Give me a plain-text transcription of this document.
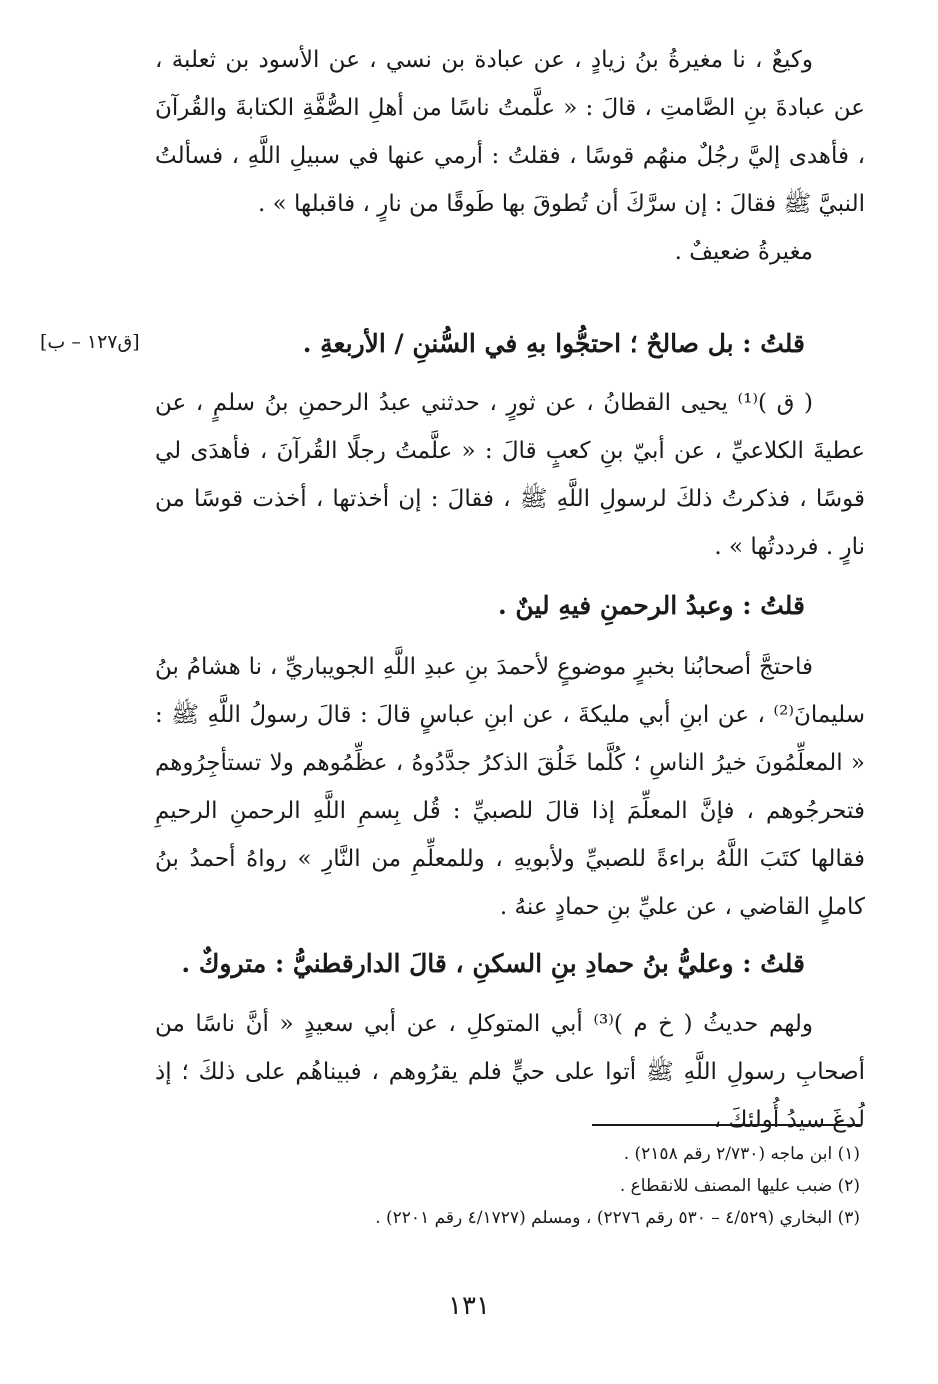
وكيعٌ ، نا مغيرةُ بنُ زيادٍ ، عن عبادة بن نسي ، عن الأسود بن ثعلبة ، عن عبادةَ بنِ الصَّامتِ ، قالَ : « علَّمتُ ناسًا من أهلِ الصُّفَّةِ الكتابةَ والقُرآنَ ، فأهدى إليَّ رجُلٌ منهُم قوسًا ، فقلتُ : أرمي عنها في سبيلِ اللَّهِ ، فسألتُ النبيَّ ﷺ فقالَ : إن سرَّكَ أن تُطوقَ بها طَوقًا من نارٍ ، فاقبلها » .

مغيرةُ ضعيفٌ .

قلتُ : بل صالحٌ ؛ احتجُّوا بهِ في السُّننِ / الأربعةِ .
[ق١٢٧ – ب]

( ق )⁽¹⁾ يحيى القطانُ ، عن ثورٍ ، حدثني عبدُ الرحمنِ بنُ سلمٍ ، عن عطيةَ الكلاعيِّ ، عن أبيّ بنِ كعبٍ قالَ : « علَّمتُ رجلًا القُرآنَ ، فأهدَى لي قوسًا ، فذكرتُ ذلكَ لرسولِ اللَّهِ ﷺ ، فقالَ : إن أخذتها ، أخذت قوسًا من نارٍ . فرددتُها » .

قلتُ : وعبدُ الرحمنِ فيهِ لينٌ .

فاحتجَّ أصحابُنا بخبرٍ موضوعٍ لأحمدَ بنِ عبدِ اللَّهِ الجويباريِّ ، نا هشامُ بنُ سليمانَ⁽²⁾ ، عن ابنِ أبي مليكةَ ، عن ابنِ عباسٍ قالَ : قالَ رسولُ اللَّهِ ﷺ : « المعلِّمُونَ خيرُ الناسِ ؛ كُلَّما خَلُقَ الذكرُ جدَّدُوهُ ، عظِّمُوهم ولا تستأجِرُوهم فتحرجُوهم ، فإنَّ المعلِّمَ إذا قالَ للصبيِّ : قُل بِسمِ اللَّهِ الرحمنِ الرحيمِ فقالها كتَبَ اللَّهُ براءةً للصبيِّ ولأبويهِ ، وللمعلِّمِ من النَّارِ » رواهُ أحمدُ بنُ كاملٍ القاضي ، عن عليِّ بنِ حمادٍ عنهُ .

قلتُ : وعليُّ بنُ حمادِ بنِ السكنِ ، قالَ الدارقطنيُّ : متروكٌ .

ولهم حديثُ ( خ م )⁽³⁾ أبي المتوكلِ ، عن أبي سعيدٍ « أنَّ ناسًا من أصحابِ رسولِ اللَّهِ ﷺ أتوا على حيٍّ فلم يقرُوهم ، فبيناهُم على ذلكَ ؛ إذ لُدغَ سيدُ أُولئكَ ،

(١) ابن ماجه (٢/٧٣٠ رقم ٢١٥٨) .

(٢) ضبب عليها المصنف للانقطاع .

(٣) البخاري (٤/٥٢٩ – ٥٣٠ رقم ٢٢٧٦) ، ومسلم (٤/١٧٢٧ رقم ٢٢٠١) .

١٣١
